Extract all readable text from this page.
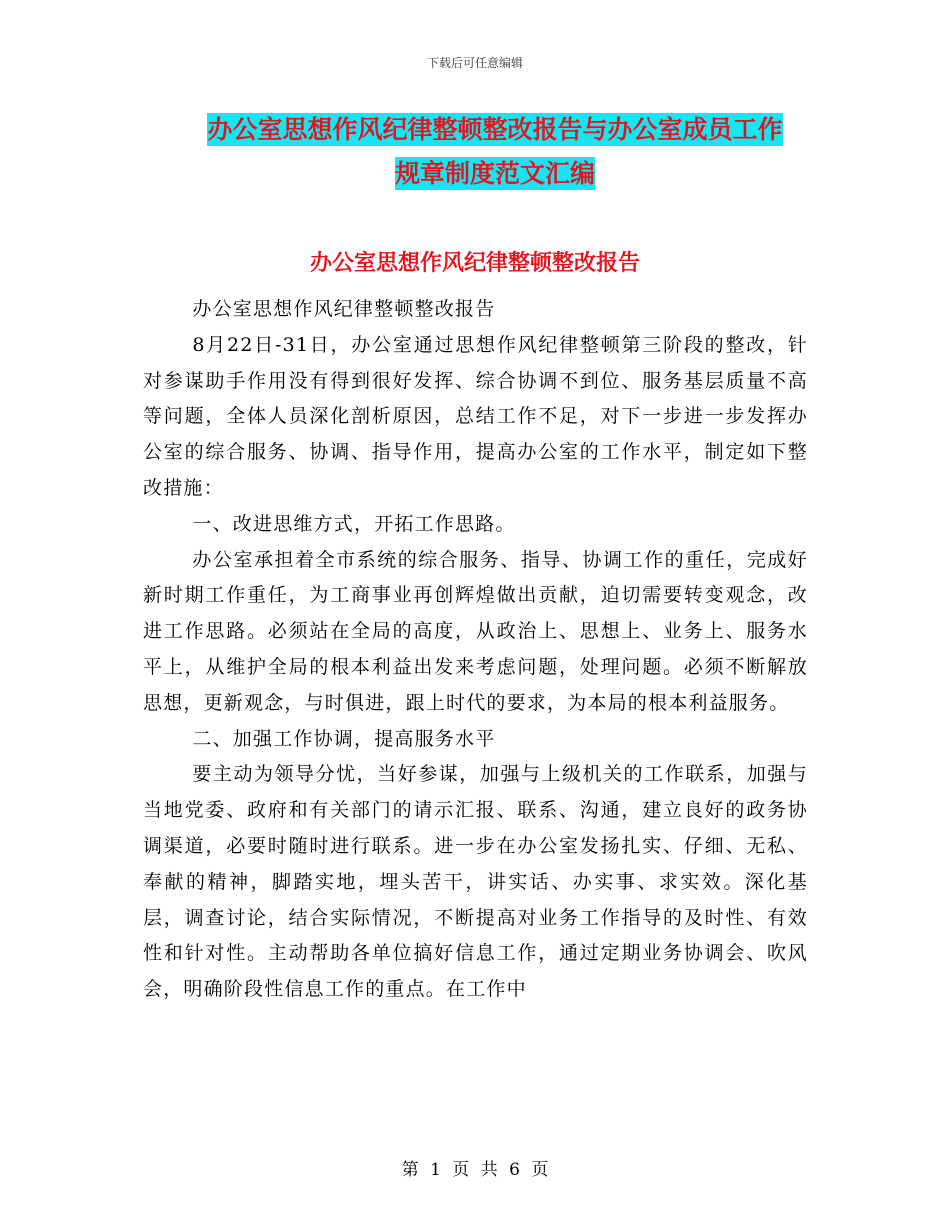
下载后可任意编辑
办公室思想作风纪律整顿整改报告与办公室成员工作
规章制度范文汇编
办公室思想作风纪律整顿整改报告

办公室思想作风纪律整顿整改报告

8月22日-31日，办公室通过思想作风纪律整顿第三阶段的整改，针对参谋助手作用没有得到很好发挥、综合协调不到位、服务基层质量不高等问题，全体人员深化剖析原因，总结工作不足，对下一步进一步发挥办公室的综合服务、协调、指导作用，提高办公室的工作水平，制定如下整改措施：

一、改进思维方式，开拓工作思路。

办公室承担着全市系统的综合服务、指导、协调工作的重任，完成好新时期工作重任，为工商事业再创辉煌做出贡献，迫切需要转变观念，改进工作思路。必须站在全局的高度，从政治上、思想上、业务上、服务水平上，从维护全局的根本利益出发来考虑问题，处理问题。必须不断解放思想，更新观念，与时俱进，跟上时代的要求，为本局的根本利益服务。

二、加强工作协调，提高服务水平

要主动为领导分忧，当好参谋，加强与上级机关的工作联系，加强与当地党委、政府和有关部门的请示汇报、联系、沟通，建立良好的政务协调渠道，必要时随时进行联系。进一步在办公室发扬扎实、仔细、无私、奉献的精神，脚踏实地，埋头苦干，讲实话、办实事、求实效。深化基层，调查讨论，结合实际情况，不断提高对业务工作指导的及时性、有效性和针对性。主动帮助各单位搞好信息工作，通过定期业务协调会、吹风会，明确阶段性信息工作的重点。在工作中

第 1 页 共 6 页
